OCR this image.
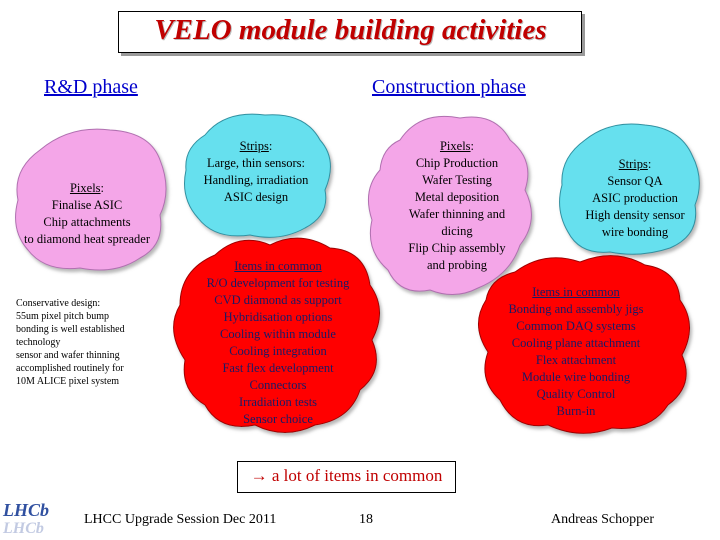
VELO module building activities
R&D phase	Construction phase
Pixels:
Finalise ASIC
Chip attachments
to diamond heat spreader
Strips:
Large, thin sensors:
Handling, irradiation
ASIC design
Pixels:
Chip Production
Wafer Testing
Metal deposition
Wafer thinning and
dicing
Flip Chip assembly
and probing
Strips:
Sensor QA
ASIC production
High density sensor
wire bonding
Items in common
R/O development for testing
CVD diamond as support
Hybridisation options
Cooling within module
Cooling integration
Fast flex development
Connectors
Irradiation tests
Sensor choice
Items in common
Bonding and assembly jigs
Common DAQ systems
Cooling plane attachment
Flex attachment
Module wire bonding
Quality Control
Burn-in
Conservative design:
55um pixel pitch bump
bonding is well established
technology
sensor and wafer thinning
accomplished routinely for
10M ALICE pixel system
→ a lot of items in common
LHCb
LHCb
LHCC Upgrade Session Dec 2011	18	Andreas Schopper
